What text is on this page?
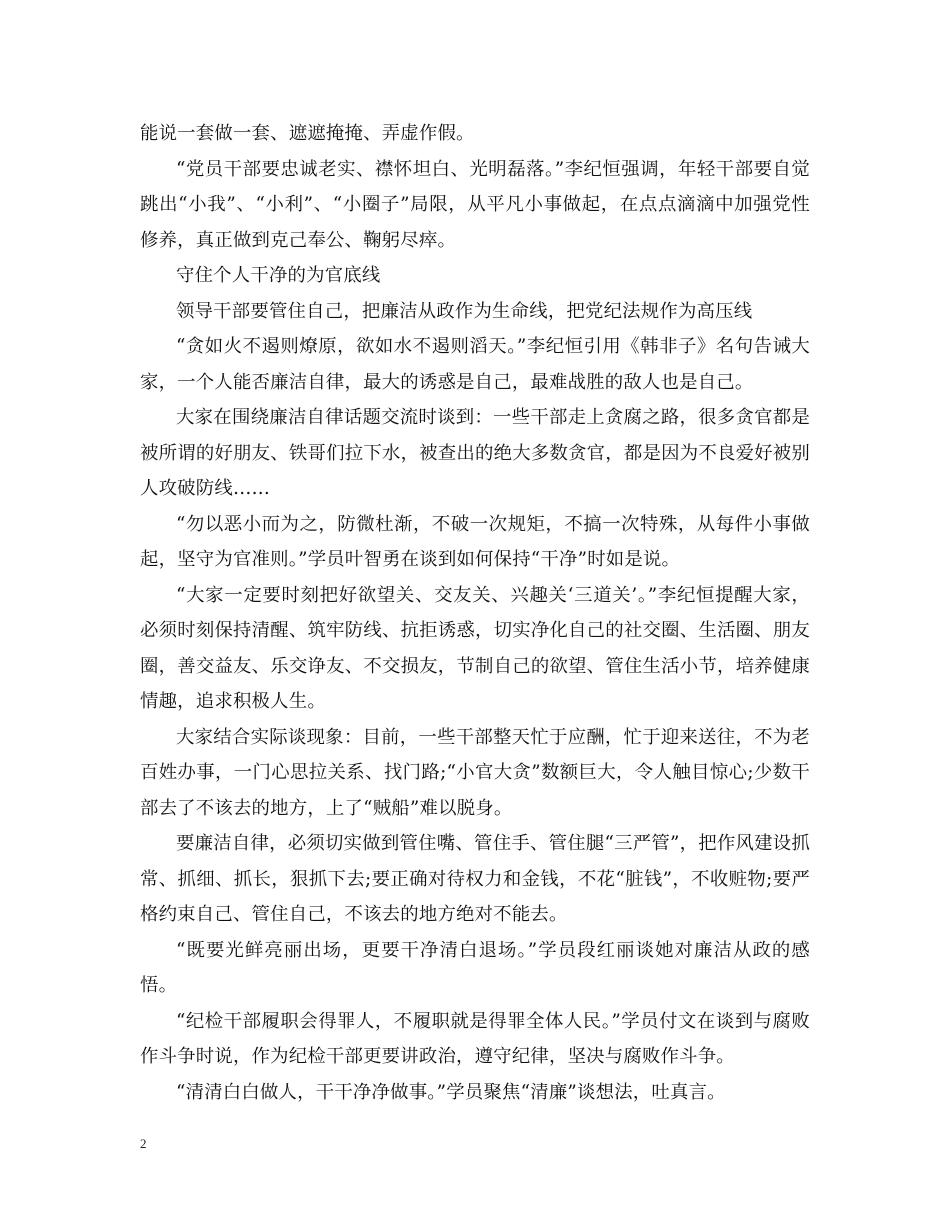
能说一套做一套、遮遮掩掩、弄虚作假。

“党员干部要忠诚老实、襟怀坦白、光明磊落。”李纪恒强调，年轻干部要自觉跳出“小我”、“小利”、“小圈子”局限，从平凡小事做起，在点点滴滴中加强党性修养，真正做到克己奉公、鞠躬尽瘁。

守住个人干净的为官底线

领导干部要管住自己，把廉洁从政作为生命线，把党纪法规作为高压线

“贪如火不遏则燎原，欲如水不遏则滔天。”李纪恒引用《韩非子》名句告诫大家，一个人能否廉洁自律，最大的诱惑是自己，最难战胜的敌人也是自己。

大家在围绕廉洁自律话题交流时谈到：一些干部走上贪腐之路，很多贪官都是被所谓的好朋友、铁哥们拉下水，被查出的绝大多数贪官，都是因为不良爱好被别人攻破防线……

“勿以恶小而为之，防微杜渐，不破一次规矩，不搞一次特殊，从每件小事做起，坚守为官准则。”学员叶智勇在谈到如何保持“干净”时如是说。

“大家一定要时刻把好欲望关、交友关、兴趣关‘三道关’。”李纪恒提醒大家，必须时刻保持清醒、筑牢防线、抗拒诱惑，切实净化自己的社交圈、生活圈、朋友圈，善交益友、乐交诤友、不交损友，节制自己的欲望、管住生活小节，培养健康情趣，追求积极人生。

大家结合实际谈现象：目前，一些干部整天忙于应酬，忙于迎来送往，不为老百姓办事，一门心思拉关系、找门路;“小官大贪”数额巨大，令人触目惊心;少数干部去了不该去的地方，上了“贼船”难以脱身。

要廉洁自律，必须切实做到管住嘴、管住手、管住腿“三严管”，把作风建设抓常、抓细、抓长，狠抓下去;要正确对待权力和金钱，不花“脏钱”，不收赃物;要严格约束自己、管住自己，不该去的地方绝对不能去。

“既要光鲜亮丽出场，更要干净清白退场。”学员段红丽谈她对廉洁从政的感悟。

“纪检干部履职会得罪人，不履职就是得罪全体人民。”学员付文在谈到与腐败作斗争时说，作为纪检干部更要讲政治，遵守纪律，坚决与腐败作斗争。

“清清白白做人，干干净净做事。”学员聚焦“清廉”谈想法，吐真言。

2
